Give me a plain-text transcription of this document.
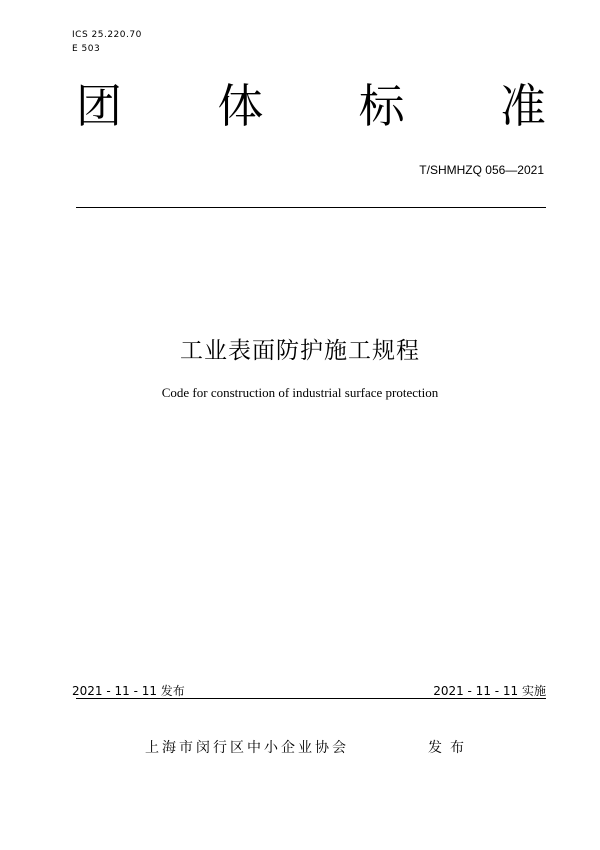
ICS 25.220.70
E 503
团 体 标 准
T/SHMHZQ 056—2021
工业表面防护施工规程
Code for construction of industrial surface protection
2021 - 11 - 11 发布	2021 - 11 - 11 实施
上海市闵行区中小企业协会	发布
